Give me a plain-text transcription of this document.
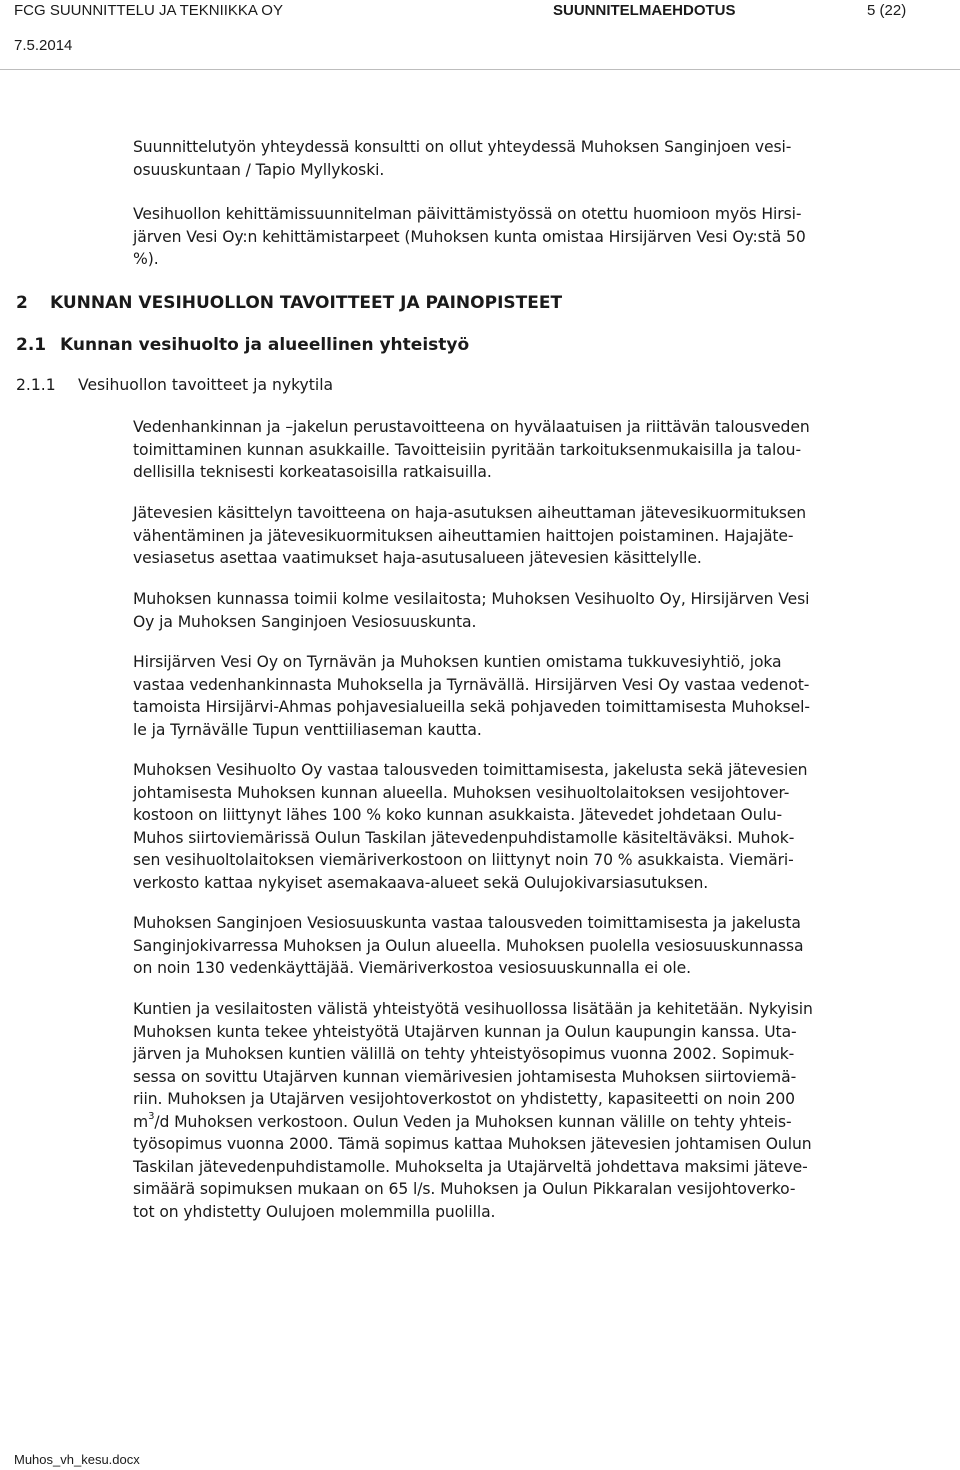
FCG SUUNNITTELU JA TEKNIIKKA OY	SUUNNITELMAEHDOTUS	5 (22)
7.5.2014
Suunnittelutyön yhteydessä konsultti on ollut yhteydessä Muhoksen Sanginjoen vesi-
osuuskuntaan / Tapio Myllykoski.
Vesihuollon kehittämissuunnitelman päivittämistyössä on otettu huomioon myös Hirsi-
järven Vesi Oy:n kehittämistarpeet (Muhoksen kunta omistaa Hirsijärven Vesi Oy:stä 50
%).
2 KUNNAN VESIHUOLLON TAVOITTEET JA PAINOPISTEET
2.1 Kunnan vesihuolto ja alueellinen yhteistyö
2.1.1 Vesihuollon tavoitteet ja nykytila
Vedenhankinnan ja –jakelun perustavoitteena on hyvälaatuisen ja riittävän talousveden
toimittaminen kunnan asukkaille. Tavoitteisiin pyritään tarkoituksenmukaisilla ja talou-
dellisilla teknisesti korkeatasoisilla ratkaisuilla.
Jätevesien käsittelyn tavoitteena on haja-asutuksen aiheuttaman jätevesikuormituksen
vähentäminen ja jätevesikuormituksen aiheuttamien haittojen poistaminen. Hajajäte-
vesiasetus asettaa vaatimukset haja-asutusalueen jätevesien käsittelylle.
Muhoksen kunnassa toimii kolme vesilaitosta; Muhoksen Vesihuolto Oy, Hirsijärven Vesi
Oy ja Muhoksen Sanginjoen Vesiosuuskunta.
Hirsijärven Vesi Oy on Tyrnävän ja Muhoksen kuntien omistama tukkuvesiyhtiö, joka
vastaa vedenhankinnasta Muhoksella ja Tyrnävällä. Hirsijärven Vesi Oy vastaa vedenot-
tamoista Hirsijärvi-Ahmas pohjavesialueilla sekä pohjaveden toimittamisesta Muhoksel-
le ja Tyrnävälle Tupun venttiiliaseman kautta.
Muhoksen Vesihuolto Oy vastaa talousveden toimittamisesta, jakelusta sekä jätevesien
johtamisesta Muhoksen kunnan alueella. Muhoksen vesihuoltolaitoksen vesijohtover-
kostoon on liittynyt lähes 100 % koko kunnan asukkaista. Jätevedet johdetaan Oulu-
Muhos siirtoviemärissä Oulun Taskilan jätevedenpuhdistamolle käsiteltäväksi. Muhok-
sen vesihuoltolaitoksen viemäriverkostoon on liittynyt noin 70 % asukkaista. Viemäri-
verkosto kattaa nykyiset asemakaava-alueet sekä Oulujokivarsiasutuksen.
Muhoksen Sanginjoen Vesiosuuskunta vastaa talousveden toimittamisesta ja jakelusta
Sanginjokivarressa Muhoksen ja Oulun alueella. Muhoksen puolella vesiosuuskunnassa
on noin 130 vedenkäyttäjää. Viemäriverkostoa vesiosuuskunnalla ei ole.
Kuntien ja vesilaitosten välistä yhteistyötä vesihuollossa lisätään ja kehitetään. Nykyisin
Muhoksen kunta tekee yhteistyötä Utajärven kunnan ja Oulun kaupungin kanssa. Uta-
järven ja Muhoksen kuntien välillä on tehty yhteistyösopimus vuonna 2002. Sopimuk-
sessa on sovittu Utajärven kunnan viemärivesien johtamisesta Muhoksen siirtoviemä-
riin. Muhoksen ja Utajärven vesijohtoverkostot on yhdistetty, kapasiteetti on noin 200
$m^3/d$ Muhoksen verkostoon. Oulun Veden ja Muhoksen kunnan välille on tehty yhteis-
työsopimus vuonna 2000. Tämä sopimus kattaa Muhoksen jätevesien johtamisen Oulun
Taskilan jätevedenpuhdistamolle. Muhokselta ja Utajärveltä johdettava maksimi jäteve-
simäärä sopimuksen mukaan on 65 l/s. Muhoksen ja Oulun Pikkaralan vesijohtoverko-
tot on yhdistetty Oulujoen molemmilla puolilla.
Muhos_vh_kesu.docx
